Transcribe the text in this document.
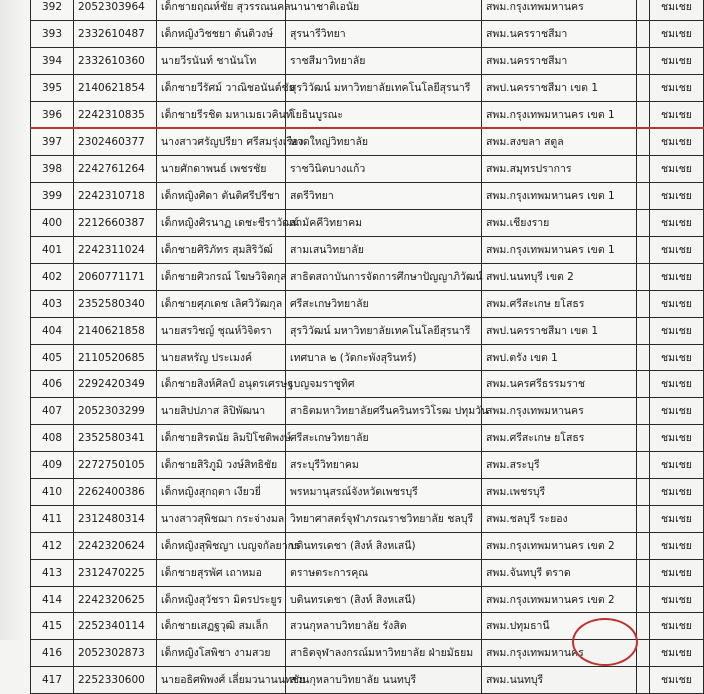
392	2052303964	เด็กชายฤณห์ชัย สุวรรณนคล	นานาชาติเอนัย	สพม.กรุงเทพมหานคร		ชมเชย
393	2332610487	เด็กหญิงวิชชยา ต้นติวงษ์	สุรนารีวิทยา	สพม.นครราชสีมา		ชมเชย
394	2332610360	นายวีรนันท์ ชานันโท	ราชสีมาวิทยาลัย	สพม.นครราชสีมา		ชมเชย
395	2140621854	เด็กชายวีรัศม์ วาณิชอนันต์ชัย	สุรวิวัฒน์ มหาวิทยาลัยเทคโนโลยีสุรนารี	สพป.นครราชสีมา เขต 1		ชมเชย
396	2242310835	เด็กชายรีรชิต มหาเมธเวคินท์	โยธินบูรณะ	สพม.กรุงเทพมหานคร เขต 1		ชมเชย
397	2302460377	นางสาวศรัญปรียา ศรีสมรุ่งเรือง	หาดใหญ่วิทยาลัย	สพม.สงขลา สตูล		ชมเชย
398	2242761264	นายศักดาพนธ์ เพชรชัย	ราชวินิตบางแก้ว	สพม.สมุทรปราการ		ชมเชย
399	2242310718	เด็กหญิงศิดา ตันติศรีปรีชา	สตรีวิทยา	สพม.กรุงเทพมหานคร เขต 1		ชมเชย
400	2212660387	เด็กหญิงศิรนาฏ เดชะชีราวัฒน์	สามัคคีวิทยาคม	สพม.เชียงราย		ชมเชย
401	2242311024	เด็กชายศิริภัทร สุมสิริวัฒ์	สามเสนวิทยาลัย	สพม.กรุงเทพมหานคร เขต 1		ชมเชย
402	2060771171	เด็กชายศิวกรณ์ โฆษวิจิตกุล	สาธิตสถาบันการจัดการศึกษาปัญญาภิวัฒน์	สพป.นนทบุรี เขต 2		ชมเชย
403	2352580340	เด็กชายศุภเดช เลิศวิวัฒกุล	ศรีสะเกษวิทยาลัย	สพม.ศรีสะเกษ ยโสธร		ชมเชย
404	2140621858	นายสรวิชญ์ ชุณห์วิจิตรา	สุรวิวัฒน์ มหาวิทยาลัยเทคโนโลยีสุรนารี	สพป.นครราชสีมา เขต 1		ชมเชย
405	2110520685	นายสหรัญ ประเมงค์	เทศบาล ๒ (วัดกะพังสุรินทร์)	สพป.ตรัง เขต 1		ชมเชย
406	2292420349	เด็กชายสิงห์ศิลป์ อนุตรเศรษฐ	เบญจมราชูทิศ	สพม.นครศรีธรรมราช		ชมเชย
407	2052303299	นายสิปปภาส ลิปิพัฒนา	สาธิตมหาวิทยาลัยศรีนครินทรวิโรฒ ปทุมวัน	สพม.กรุงเทพมหานคร		ชมเชย
408	2352580341	เด็กชายสิรดนัย ลิมปิโชติพงษ์	ศรีสะเกษวิทยาลัย	สพม.ศรีสะเกษ ยโสธร		ชมเชย
409	2272750105	เด็กชายสิริภูมิ วงษ์สิทธิชัย	สระบุรีวิทยาคม	สพม.สระบุรี		ชมเชย
410	2262400386	เด็กหญิงสุกฤตา เงียวยี่	พรหมานุสรณ์จังหวัดเพชรบุรี	สพม.เพชรบุรี		ชมเชย
411	2312480314	นางสาวสุพิชฌา กระจ่างมล	วิทยาศาสตร์จุฬาภรณราชวิทยาลัย ชลบุรี	สพม.ชลบุรี ระยอง		ชมเชย
412	2242320624	เด็กหญิงสุพิชญา เบญจกัลยากร	บดินทรเดชา (สิงห์ สิงหเสนี)	สพม.กรุงเทพมหานคร เขต 2		ชมเชย
413	2312470225	เด็กชายสุรพัศ เถาหมอ	ตราษตระการคุณ	สพม.จันทบุรี ตราด		ชมเชย
414	2242320625	เด็กหญิงสุวัชรา มิตรประยูร	บดินทรเดชา (สิงห์ สิงหเสนี)	สพม.กรุงเทพมหานคร เขต 2		ชมเชย
415	2252340114	เด็กชายเสฏฐวุฒิ สมเล็ก	สวนกุหลาบวิทยาลัย รังสิต	สพม.ปทุมธานี		ชมเชย
416	2052302873	เด็กหญิงโสพิชา งามสวย	สาธิตจุฬาลงกรณ์มหาวิทยาลัย ฝ่ายมัธยม	สพม.กรุงเทพมหานคร		ชมเชย
417	2252330600	นายอธิศพิพงศ์ เลี่ยมวนานนทชัย	สวนกุหลาบวิทยาลัย นนทบุรี	สพม.นนทบุรี		ชมเชย
